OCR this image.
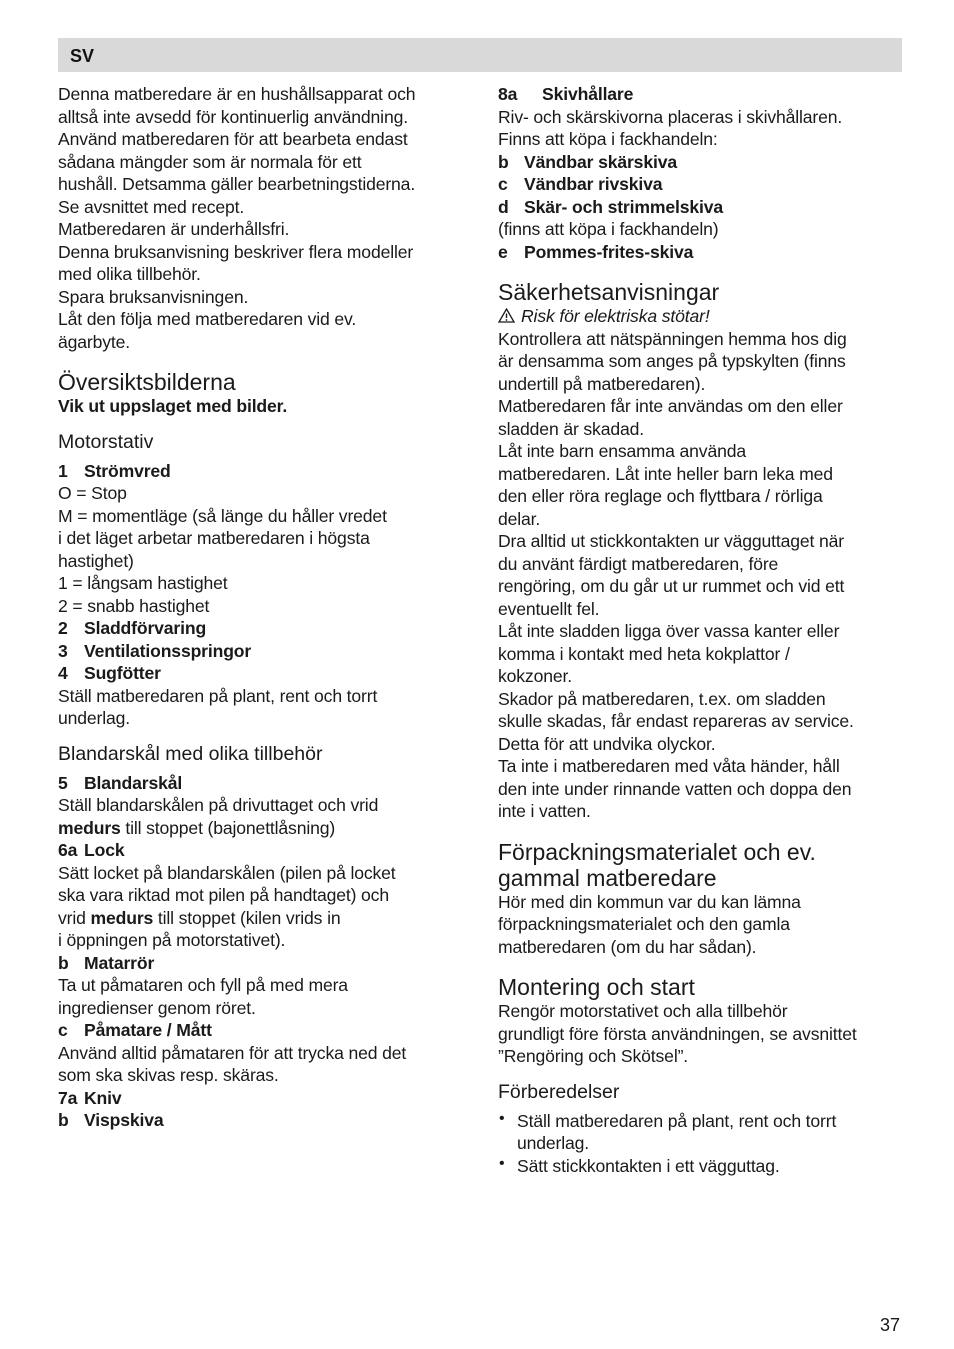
SV

Denna matberedare är en hushållsapparat och

alltså inte avsedd för kontinuerlig användning.

Använd matberedaren för att bearbeta endast

sådana mängder som är normala för ett

hushåll. Detsamma gäller bearbetningstiderna.

Se avsnittet med recept.

Matberedaren är underhållsfri.

Denna bruksanvisning beskriver flera modeller

med olika tillbehör.

Spara bruksanvisningen.

Låt den följa med matberedaren vid ev.

ägarbyte.

Översiktsbilderna

Vik ut uppslaget med bilder.

Motorstativ

1 Strömvred

O = Stop

M = momentläge (så länge du håller vredet

i det läget arbetar matberedaren i högsta

hastighet)

1 = långsam hastighet

2 = snabb hastighet

2 Sladdförvaring

3 Ventilationsspringor

4 Sugfötter

Ställ matberedaren på plant, rent och torrt

underlag.

Blandarskål med olika tillbehör

5 Blandarskål

Ställ blandarskålen på drivuttaget och vrid

medurs till stoppet (bajonettlåsning)

6a Lock

Sätt locket på blandarskålen (pilen på locket

ska vara riktad mot pilen på handtaget) och

vrid medurs till stoppet (kilen vrids in

i öppningen på motorstativet).

b Matarrör

Ta ut påmataren och fyll på med mera

ingredienser genom röret.

c Påmatare / Mått

Använd alltid påmataren för att trycka ned det

som ska skivas resp. skäras.

7a Kniv

b Vispskiva

8a Skivhållare

Riv- och skärskivorna placeras i skivhållaren.

Finns att köpa i fackhandeln:

b Vändbar skärskiva

c Vändbar rivskiva

d Skär- och strimmelskiva

(finns att köpa i fackhandeln)

e Pommes-frites-skiva

Säkerhetsanvisningar

Risk för elektriska stötar!

Kontrollera att nätspänningen hemma hos dig

är densamma som anges på typskylten (finns

undertill på matberedaren).

Matberedaren får inte användas om den eller

sladden är skadad.

Låt inte barn ensamma använda

matberedaren. Låt inte heller barn leka med

den eller röra reglage och flyttbara / rörliga

delar.

Dra alltid ut stickkontakten ur vägguttaget när

du använt färdigt matberedaren, före

rengöring, om du går ut ur rummet och vid ett

eventuellt fel.

Låt inte sladden ligga över vassa kanter eller

komma i kontakt med heta kokplattor /

kokzoner.

Skador på matberedaren, t.ex. om sladden

skulle skadas, får endast repareras av service.

Detta för att undvika olyckor.

Ta inte i matberedaren med våta händer, håll

den inte under rinnande vatten och doppa den

inte i vatten.

Förpackningsmaterialet och ev.
gammal matberedare

Hör med din kommun var du kan lämna

förpackningsmaterialet och den gamla

matberedaren (om du har sådan).

Montering och start

Rengör motorstativet och alla tillbehör

grundligt före första användningen, se avsnittet

”Rengöring och Skötsel”.

Förberedelser

• Ställ matberedaren på plant, rent och torrt

underlag.

• Sätt stickkontakten i ett vägguttag.

37
